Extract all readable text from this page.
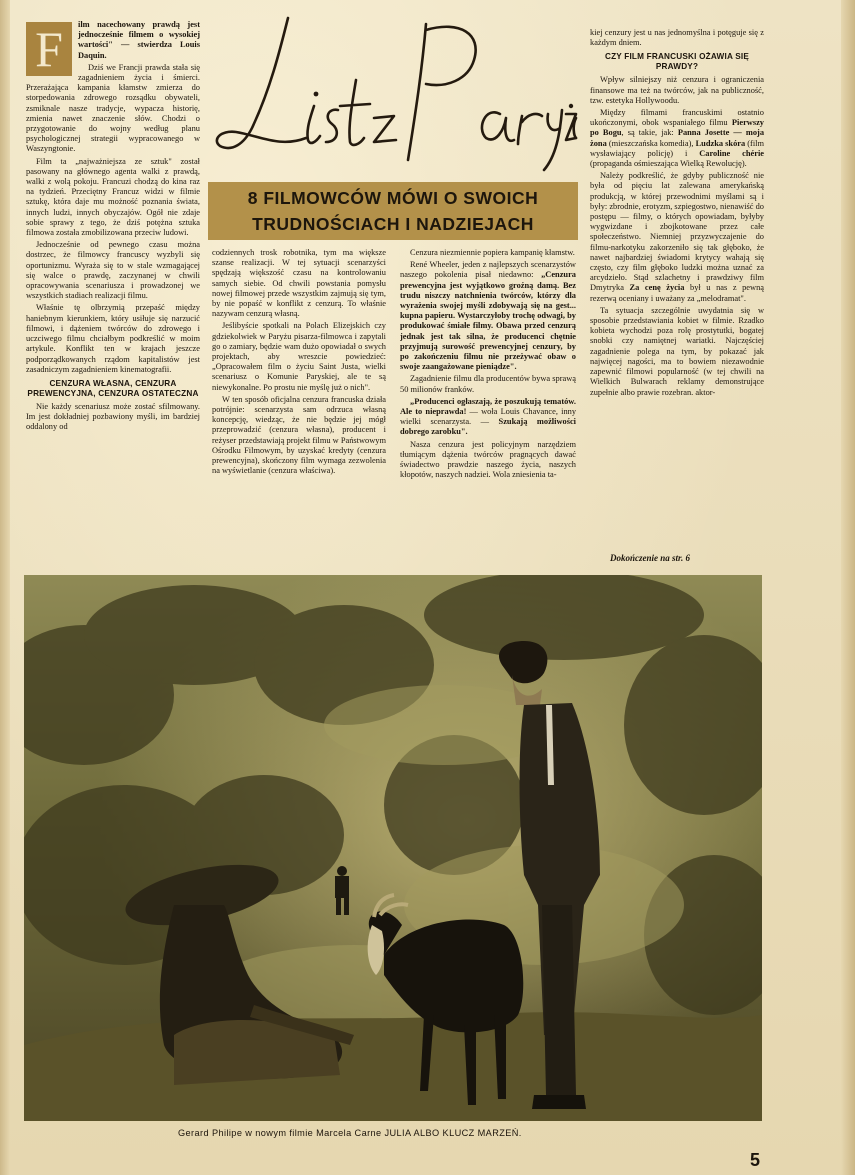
F	ilm nacechowany prawdą jest jednocześnie filmem o wysokiej wartości" — stwierdza Louis Daquin.

Dziś we Francji prawda stała się zagadnieniem życia i śmierci. Przerażająca kampania kłamstw zmierza do storpedowania zdrowego rozsądku obywateli, zsmiknale nasze tradycje, wypacza historię, zmienia nawet znaczenie słów. Chodzi o przygotowanie do wojny według planu psychologicznej strategii wypracowanego w Waszyngtonie.

Film ta „najważniejsza ze sztuk" został pasowany na głównego agenta walki z prawdą, walki z wolą pokoju. Francuzi chodzą do kina raz na tydzień. Przeciętny Francuz widzi w filmie sztukę, która daje mu możność poznania świata, innych ludzi, innych obyczajów. Ogół nie zdaje sobie sprawy z tego, że dziś potężna sztuka filmowa została zmobilizowana przeciw ludowi.

Jednocześnie od pewnego czasu można dostrzec, że filmowcy francuscy wyzbyli się oportunizmu. Wyraża się to w stale wzmagającej się walce o prawdę, zaczynanej w chwili opracowywania scenariusza i prowadzonej we wszystkich stadiach realizacji filmu.

Właśnie tę olbrzymią przepaść między haniebnym kierunkiem, który usiłuje się narzucić filmowi, i dążeniem twórców do zdrowego i uczciwego filmu chciałbym podkreślić w moim artykule. Konflikt ten w krajach jeszcze podporządkowanych rządom kapitalistów jest zasadniczym zagadnieniem kinematografii.

CENZURA WŁASNA, CENZURA PREWENCYJNA, CENZURA OSTATECZNA

Nie każdy scenariusz może zostać sfilmowany. Im jest dokładniej pozbawiony myśli, im bardziej oddalony od

8 FILMOWCÓW MÓWI O SWOICH
TRUDNOŚCIACH I NADZIEJACH

codziennych trosk robotnika, tym ma większe szanse realizacji. W tej sytuacji scenarzyści spędzają większość czasu na kontrolowaniu samych siebie. Od chwili powstania pomysłu nowej filmowej przede wszystkim zajmują się tym, by nie popaść w konflikt z cenzurą. To właśnie nazywam cenzurą własną.

Jeślibyście spotkali na Polach Elizejskich czy gdziekolwiek w Paryżu pisarza-filmowca i zapytali go o zamiary, będzie wam dużo opowiadał o swych projektach, aby wreszcie powiedzieć: „Opracowałem film o życiu Saint Justa, wielki scenariusz o Komunie Paryskiej, ale te są niewykonalne. Po prostu nie myślę już o nich".

W ten sposób oficjalna cenzura francuska działa potrójnie: scenarzysta sam odrzuca własną koncepcję, wiedząc, że nie będzie jej mógł przeprowadzić (cenzura własna), producent i reżyser przedstawiają projekt filmu w Państwowym Ośrodku Filmowym, by uzyskać kredyty (cenzura prewencyjna), skończony film wymaga zezwolenia na wyświetlanie (cenzura właściwa).

Cenzura niezmiennie popiera kampanię kłamstw.

René Wheeler, jeden z najlepszych scenarzystów naszego pokolenia pisał niedawno: „Cenzura prewencyjna jest wyjątkowo groźną damą. Bez trudu niszczy natchnienia twórców, którzy dla wyrażenia swojej myśli zdobywają się na gest... kupna papieru. Wystarczyłoby trochę odwagi, by produkować śmiałe filmy. Obawa przed cenzurą jednak jest tak silna, że producenci chętnie przyjmują surowość prewencyjnej cenzury, by po zakończeniu filmu nie przeżywać obaw o swoje zaangażowane pieniądze".

Zagadnienie filmu dla producentów bywa sprawą 50 milionów franków.

„Producenci ogłaszają, że poszukują tematów. Ale to nieprawda! — woła Louis Chavance, inny wielki scenarzysta. — Szukają możliwości dobrego zarobku".

Nasza cenzura jest policyjnym narzędziem tłumiącym dążenia twórców pragnących dawać świadectwo prawdzie naszego życia, naszych kłopotów, naszych nadziei. Wola zniesienia ta-

kiej cenzury jest u nas jednomyślna i potęguje się z każdym dniem.

CZY FILM FRANCUSKI OŻAWIA SIĘ PRAWDY?

Wpływ silniejszy niż cenzura i ograniczenia finansowe ma też na twórców, jak na publiczność, tzw. estetyka Hollywoodu.

Między filmami francuskimi ostatnio ukończonymi, obok wspaniałego filmu Pierwszy po Bogu, są takie, jak: Panna Josette — moja żona (mieszczańska komedia), Ludzka skóra (film wysławiający policję) i Caroline chérie (propaganda ośmieszająca Wielką Rewolucję).

Należy podkreślić, że gdyby publiczność nie była od pięciu lat zalewana amerykańską produkcją, w której przewodnimi myślami są i były: zbrodnie, erotyzm, szpiegostwo, nienawiść do postępu — filmy, o których opowiadam, byłyby wygwizdane i zbojkotowane przez całe społeczeństwo. Niemniej przyzwyczajenie do filmu-narkotyku zakorzeniło się tak głęboko, że nawet najbardziej świadomi krytycy wahają się często, czy film głęboko ludzki można uznać za arcydzieło. Stąd szlachetny i prawdziwy film Dmytryka Za cenę życia był u nas z pewną rezerwą oceniany i uważany za „melodramat".

Ta sytuacja szczególnie uwydatnia się w sposobie przedstawiania kobiet w filmie. Rzadko kobieta wychodzi poza rolę prostytutki, bogatej snobki czy namiętnej wariatki. Najczęściej zagadnienie polega na tym, by pokazać jak najwięcej nagości, ma to bowiem niezawodnie zapewnić filmowi popularność (w tej chwili na Wielkich Bulwarach reklamy demonstrujące zupełnie albo prawie rozebran. aktor-

Dokończenie na str. 6
Gerard Philipe w nowym filmie Marcela Carne JULIA ALBO KLUCZ MARZEŃ.
5
